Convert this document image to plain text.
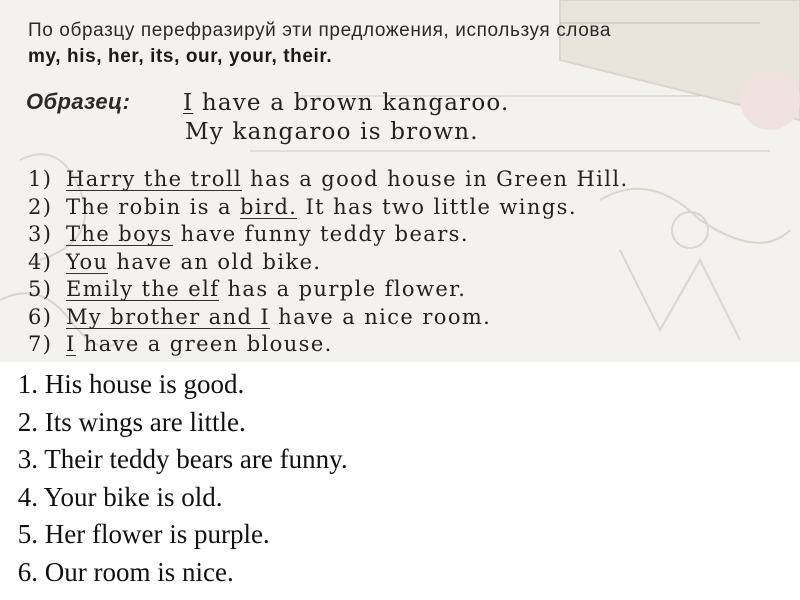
По образцу перефразируй эти предложения, используя слова
my, his, her, its, our, your, their.
Образец: I have a brown kangaroo.
My kangaroo is brown.
1) Harry the troll has a good house in Green Hill.
2) The robin is a bird. It has two little wings.
3) The boys have funny teddy bears.
4) You have an old bike.
5) Emily the elf has a purple flower.
6) My brother and I have a nice room.
7) I have a green blouse.
1. His house is good.
2. Its wings are little.
3. Their teddy bears are funny.
4. Your bike is old.
5. Her flower is purple.
6. Our room is nice.
